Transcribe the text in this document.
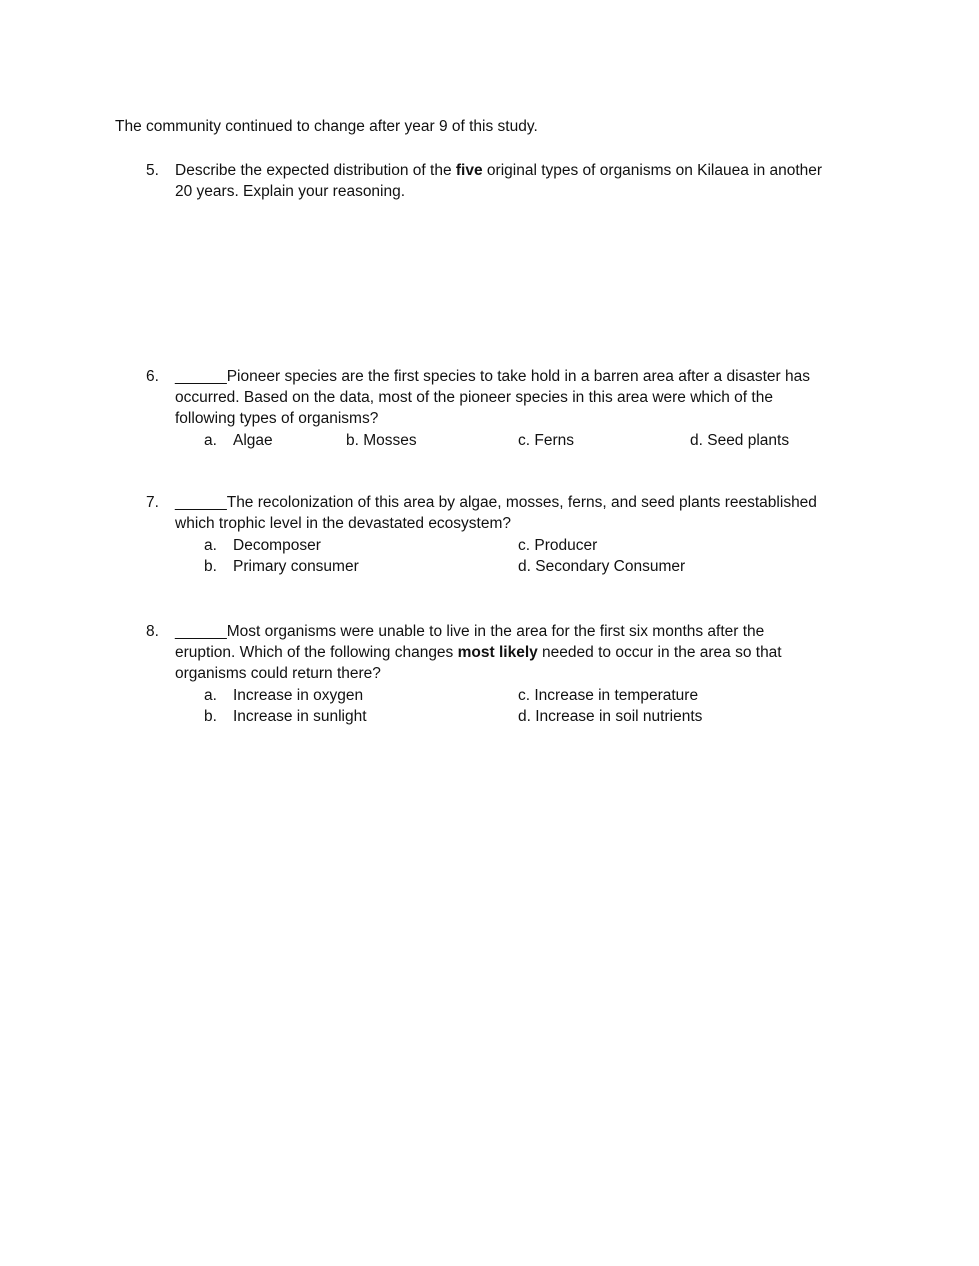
The community continued to change after year 9 of this study.
5. Describe the expected distribution of the five original types of organisms on Kilauea in another
20 years. Explain your reasoning.
6. ______Pioneer species are the first species to take hold in a barren area after a disaster has
occurred. Based on the data, most of the pioneer species in this area were which of the
following types of organisms?
a. Algae	b. Mosses	c. Ferns	d. Seed plants
7. ______The recolonization of this area by algae, mosses, ferns, and seed plants reestablished
which trophic level in the devastated ecosystem?
a. Decomposer	c. Producer
b. Primary consumer	d. Secondary Consumer
8. ______Most organisms were unable to live in the area for the first six months after the
eruption. Which of the following changes most likely needed to occur in the area so that
organisms could return there?
a. Increase in oxygen	c. Increase in temperature
b. Increase in sunlight	d. Increase in soil nutrients
